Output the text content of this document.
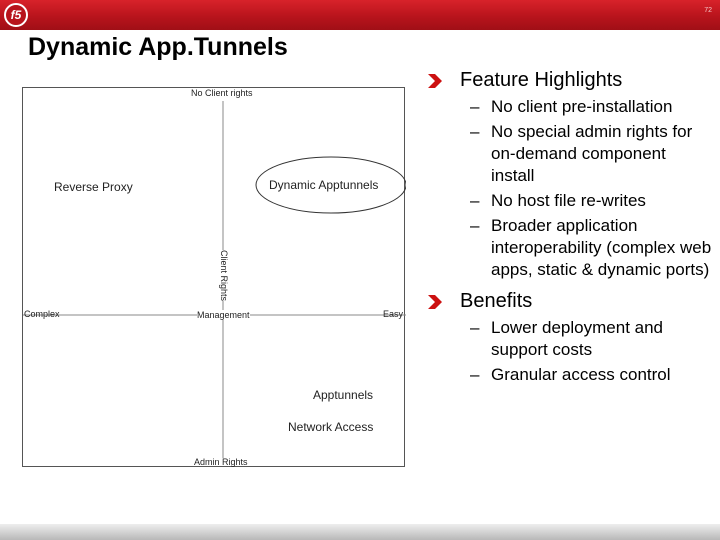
f5	72
Dynamic App.Tunnels
No Client rights
Admin Rights
Complex	Easy
Management
Client Rights
Reverse Proxy	Dynamic Apptunnels
Apptunnels
Network Access
Feature Highlights
– No client pre-installation
– No special admin rights for on-demand component install
– No host file re-writes
– Broader application interoperability (complex web apps, static & dynamic ports)
Benefits
– Lower deployment and support costs
– Granular access control
